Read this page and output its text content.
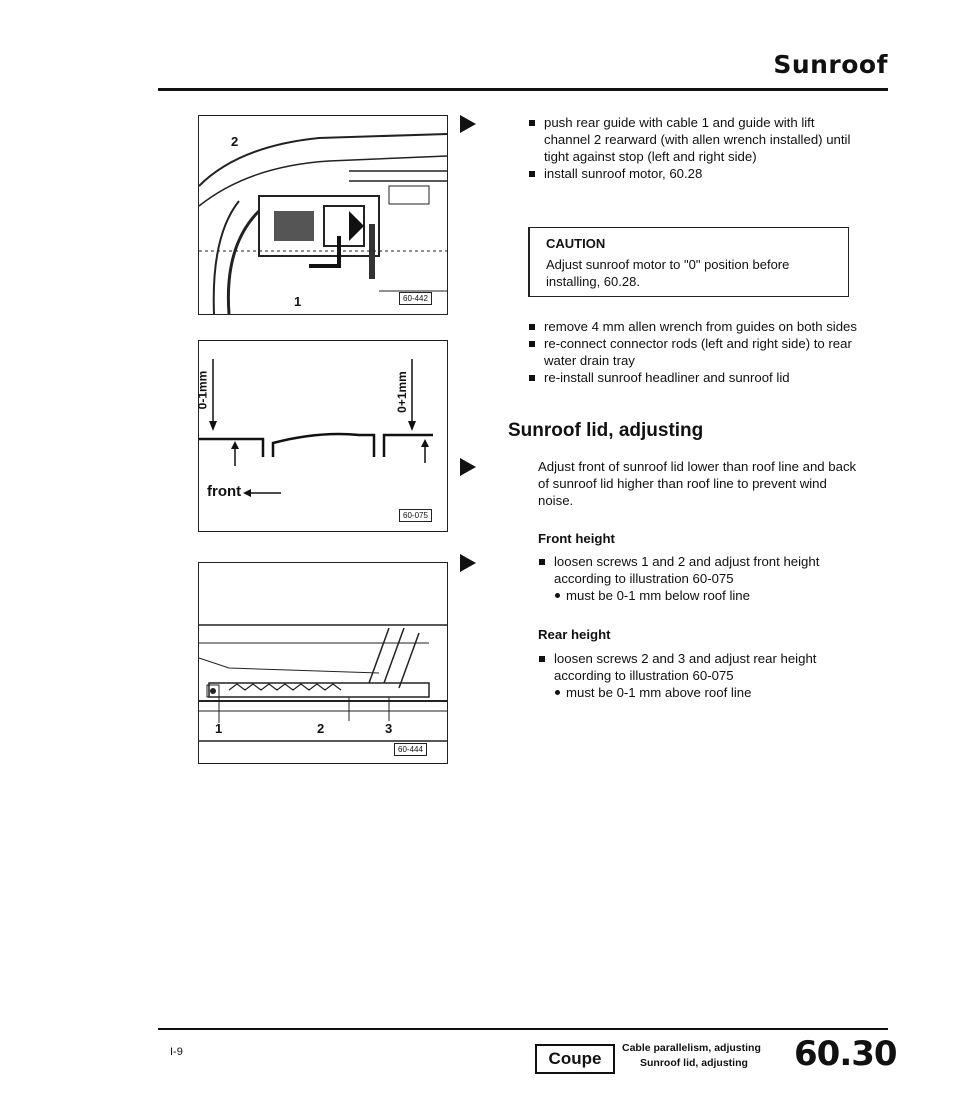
Sunroof
2
1	60-442
0-1mm	0+1mm
front
60-075
1	2	3
60-444
push rear guide with cable 1 and guide with lift channel 2 rearward (with allen wrench installed) until tight against stop (left and right side)
install sunroof motor, 60.28
CAUTION
Adjust sunroof motor to "0" position before installing, 60.28.
remove 4 mm allen wrench from guides on both sides
re-connect connector rods (left and right side) to rear water drain tray
re-install sunroof headliner and sunroof lid
Sunroof lid, adjusting
Adjust front of sunroof lid lower than roof line and back of sunroof lid higher than roof line to prevent wind noise.
Front height
loosen screws 1 and 2 and adjust front height according to illustration 60-075
must be 0-1 mm below roof line
Rear height
loosen screws 2 and 3 and adjust rear height according to illustration 60-075
must be 0-1 mm above roof line
I-9	Coupe
Cable parallelism, adjusting
Sunroof lid, adjusting 60.30
